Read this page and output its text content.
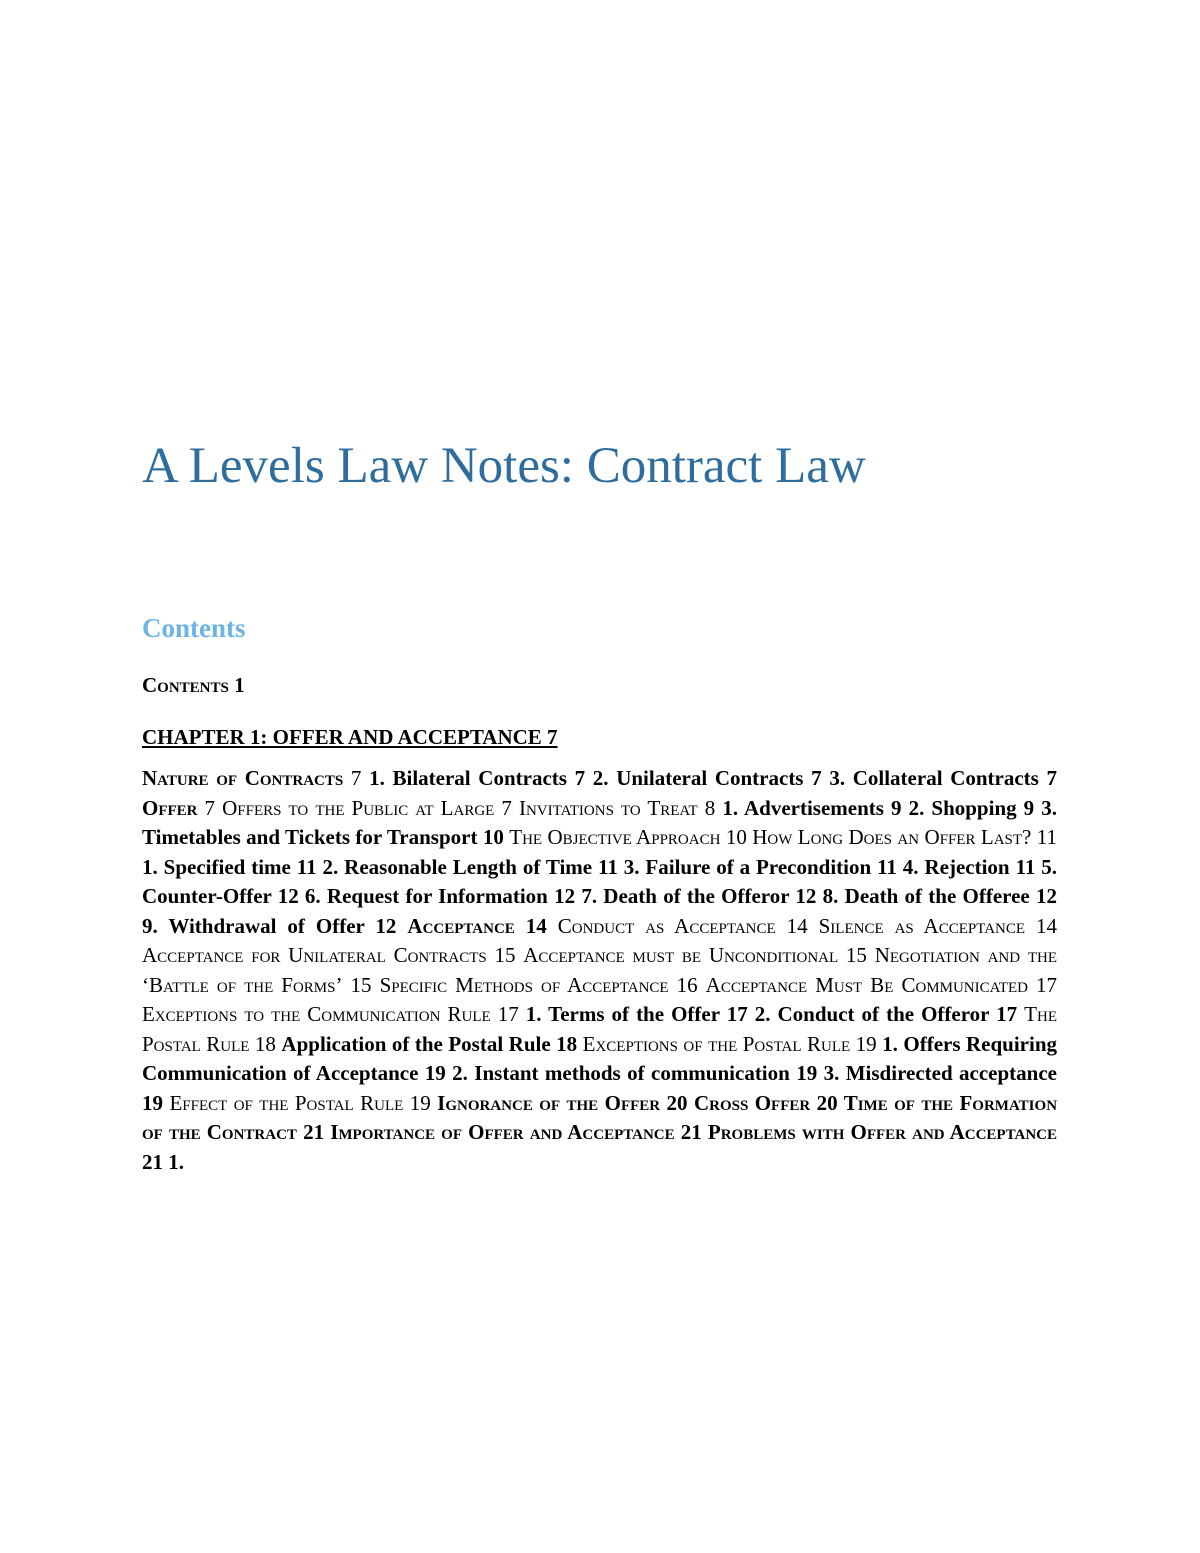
A Levels Law Notes: Contract Law
Contents
Contents 1
CHAPTER 1: OFFER AND ACCEPTANCE 7
Nature of Contracts 7 1. Bilateral Contracts 7 2. Unilateral Contracts 7 3. Collateral Contracts 7 Offer 7 Offers to the Public at Large 7 Invitations to Treat 8 1. Advertisements 9 2. Shopping 9 3. Timetables and Tickets for Transport 10 The Objective Approach 10 How Long Does an Offer Last? 11 1. Specified time 11 2. Reasonable Length of Time 11 3. Failure of a Precondition 11 4. Rejection 11 5. Counter-Offer 12 6. Request for Information 12 7. Death of the Offeror 12 8. Death of the Offeree 12 9. Withdrawal of Offer 12 Acceptance 14 Conduct as Acceptance 14 Silence as Acceptance 14 Acceptance for Unilateral Contracts 15 Acceptance must be Unconditional 15 Negotiation and the ‘Battle of the Forms’ 15 Specific Methods of Acceptance 16 Acceptance Must Be Communicated 17 Exceptions to the Communication Rule 17 1. Terms of the Offer 17 2. Conduct of the Offeror 17 The Postal Rule 18 Application of the Postal Rule 18 Exceptions of the Postal Rule 19 1. Offers Requiring Communication of Acceptance 19 2. Instant methods of communication 19 3. Misdirected acceptance 19 Effect of the Postal Rule 19 Ignorance of the Offer 20 Cross Offer 20 Time of the Formation of the Contract 21 Importance of Offer and Acceptance 21 Problems with Offer and Acceptance 21 1.
